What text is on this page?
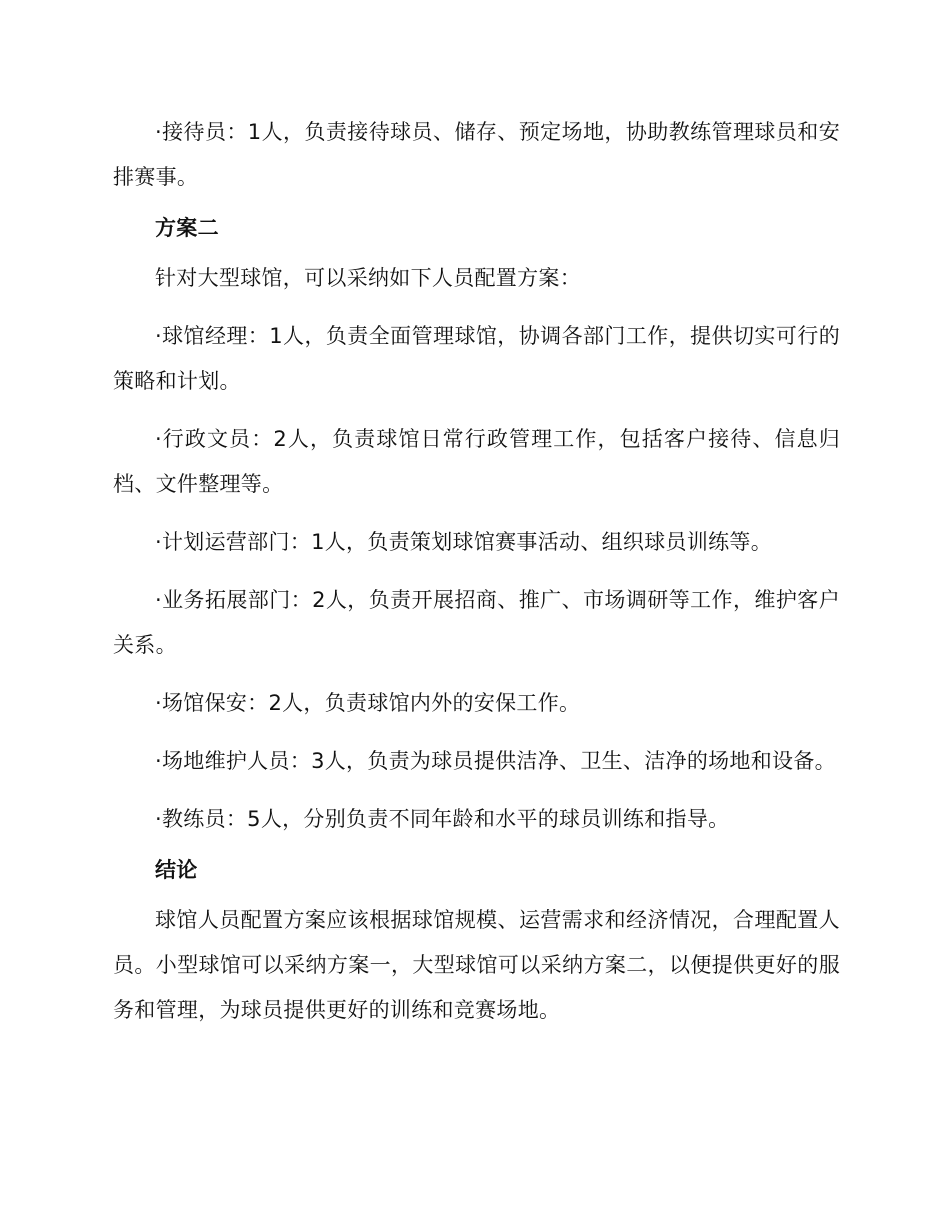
·接待员：1人，负责接待球员、储存、预定场地，协助教练管理球员和安排赛事。

方案二

针对大型球馆，可以采纳如下人员配置方案：

·球馆经理：1人，负责全面管理球馆，协调各部门工作，提供切实可行的策略和计划。

·行政文员：2人，负责球馆日常行政管理工作，包括客户接待、信息归档、文件整理等。

·计划运营部门：1人，负责策划球馆赛事活动、组织球员训练等。

·业务拓展部门：2人，负责开展招商、推广、市场调研等工作，维护客户关系。

·场馆保安：2人，负责球馆内外的安保工作。

·场地维护人员：3人，负责为球员提供洁净、卫生、洁净的场地和设备。

·教练员：5人，分别负责不同年龄和水平的球员训练和指导。

结论

球馆人员配置方案应该根据球馆规模、运营需求和经济情况，合理配置人员。小型球馆可以采纳方案一，大型球馆可以采纳方案二，以便提供更好的服务和管理，为球员提供更好的训练和竞赛场地。
